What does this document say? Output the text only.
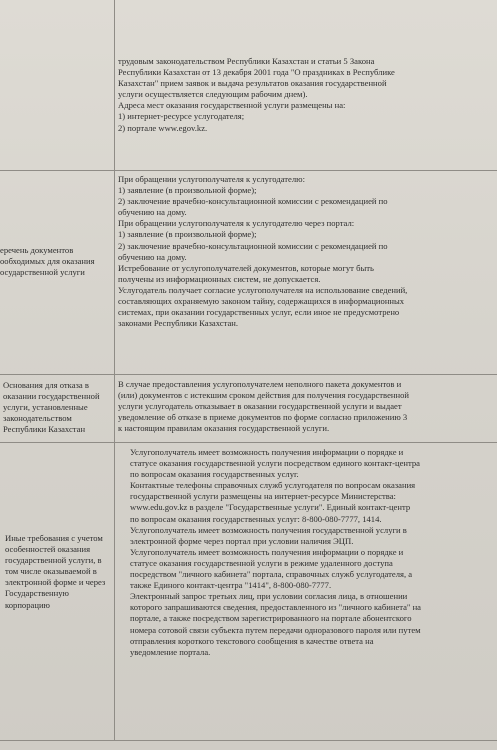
трудовым законодательством Республики Казахстан и статьи 5 Закона
Республики Казахстан от 13 декабря 2001 года "О праздниках в Республике
Казахстан" прием заявок и выдача результатов оказания государственной
услуги осуществляется следующим рабочим днем).
Адреса мест оказания государственной услуги размещены на:
1) интернет-ресурсе услугодателя;
2) портале www.egov.kz.
еречень документов
ообходимых для оказания
осударственной услуги
При обращении услугополучателя к услугодателю:
1) заявление (в произвольной форме);
2) заключение врачебно-консультационной комиссии с рекомендацией по
обучению на дому.
При обращении услугополучателя к услугодателю через портал:
1) заявление (в произвольной форме);
2) заключение врачебно-консультационной комиссии с рекомендацией по
обучению на дому.
Истребование от услугополучателей документов, которые могут быть
получены из информационных систем, не допускается.
Услугодатель получает согласие услугополучателя на использование сведений,
составляющих охраняемую законом тайну, содержащихся в информационных
системах, при оказании государственных услуг, если иное не предусмотрено
законами Республики Казахстан.
Основания для отказа в
оказании государственной
услуги, установленные
законодательством
Республики Казахстан
В случае предоставления услугополучателем неполного пакета документов и
(или) документов с истекшим сроком действия для получения государственной
услуги услугодатель отказывает в оказании государственной услуги и выдает
уведомление об отказе в приеме документов по форме согласно приложению 3
к настоящим правилам оказания государственной услуги.
Иные требования с учетом
особенностей оказания
государственной услуги, в
том числе оказываемой в
электронной форме и через
Государственную
корпорацию
Услугополучатель имеет возможность получения информации о порядке и
статусе оказания государственной услуги посредством единого контакт-центра
по вопросам оказания государственных услуг.
Контактные телефоны справочных служб услугодателя по вопросам оказания
государственной услуги размещены на интернет-ресурсе Министерства:
www.edu.gov.kz в разделе "Государственные услуги". Единый контакт-центр
по вопросам оказания государственных услуг: 8-800-080-7777, 1414.
Услугополучатель имеет возможность получения государственной услуги в
электронной форме через портал при условии наличия ЭЦП.
Услугополучатель имеет возможность получения информации о порядке и
статусе оказания государственной услуги в режиме удаленного доступа
посредством "личного кабинета" портала, справочных служб услугодателя, а
также Единого контакт-центра "1414", 8-800-080-7777.
Электронный запрос третьих лиц, при условии согласия лица, в отношении
которого запрашиваются сведения, предоставленного из "личного кабинета" на
портале, а также посредством зарегистрированного на портале абонентского
номера сотовой связи субъекта путем передачи одноразового пароля или путем
отправления короткого текстового сообщения в качестве ответа на
уведомление портала.
